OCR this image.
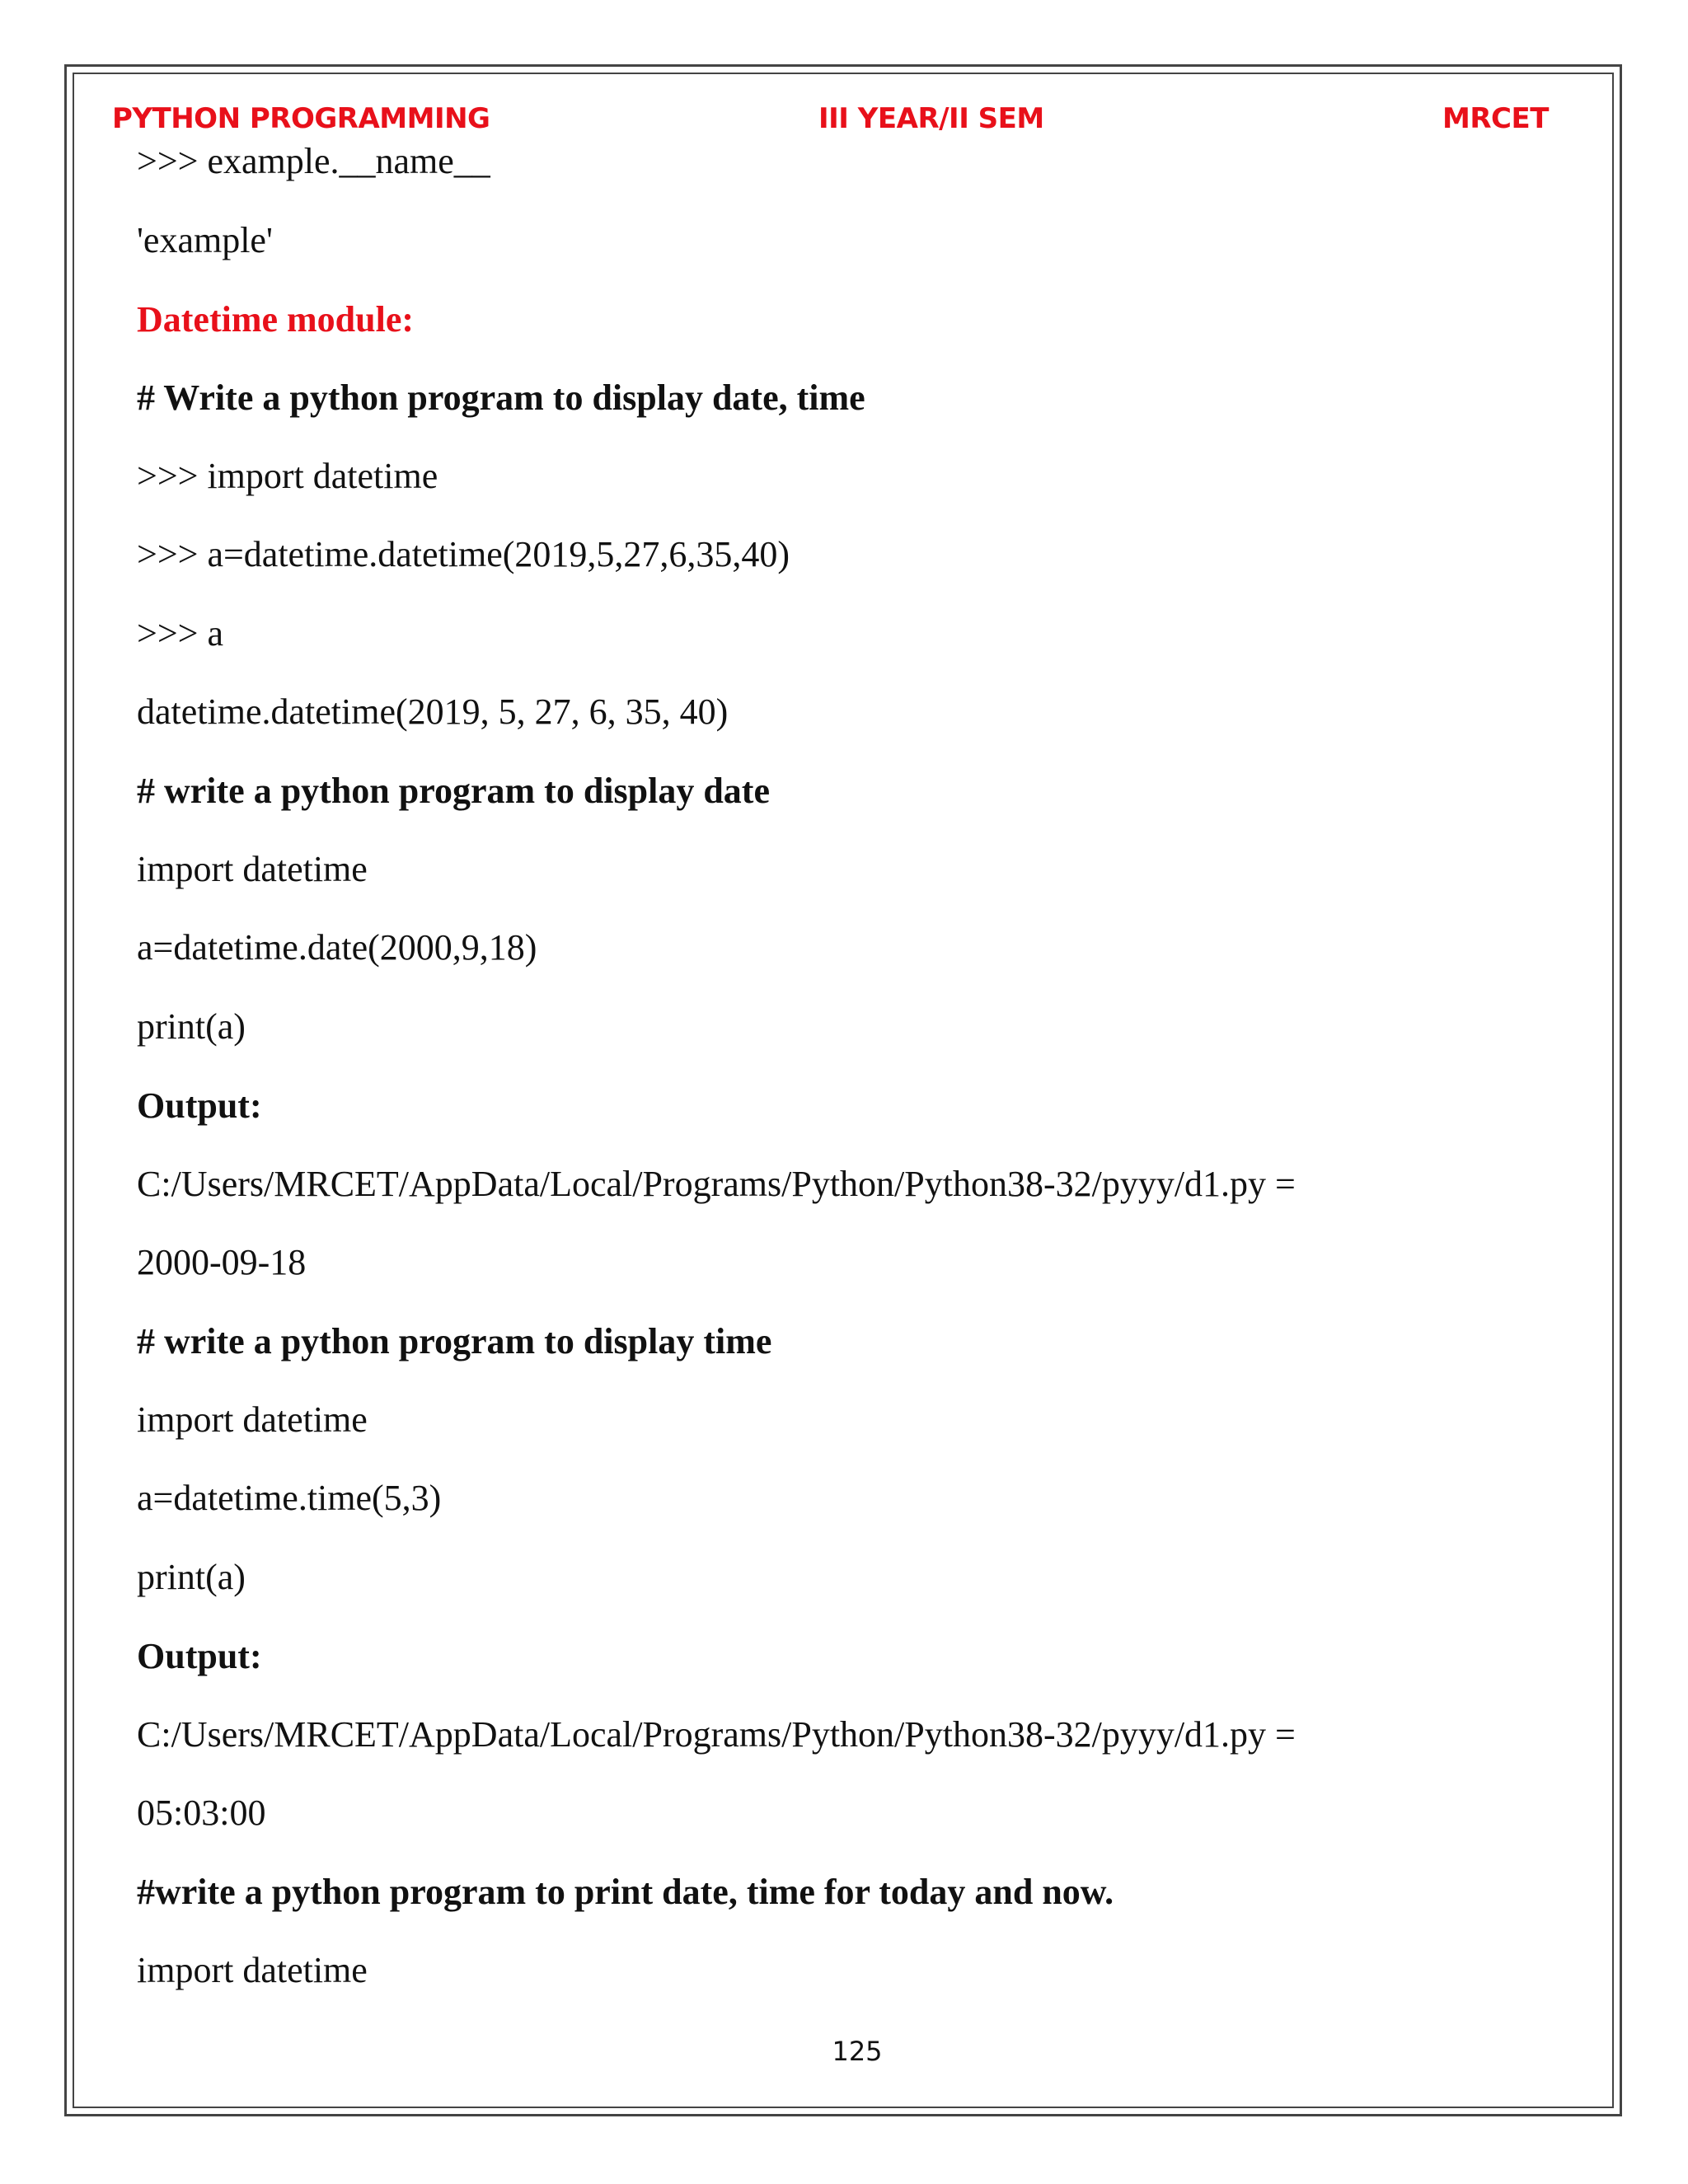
PYTHON PROGRAMMING	III YEAR/II SEM	MRCET
>>> example.__name__
'example'
Datetime module:
# Write a python program to display date, time
>>> import datetime
>>> a=datetime.datetime(2019,5,27,6,35,40)
>>> a
datetime.datetime(2019, 5, 27, 6, 35, 40)
# write a python program to display date
import datetime
a=datetime.date(2000,9,18)
print(a)
Output:
C:/Users/MRCET/AppData/Local/Programs/Python/Python38-32/pyyy/d1.py =
2000-09-18
# write a python program to display time
import datetime
a=datetime.time(5,3)
print(a)
Output:
C:/Users/MRCET/AppData/Local/Programs/Python/Python38-32/pyyy/d1.py =
05:03:00
#write a python program to print date, time for today and now.
import datetime
125
